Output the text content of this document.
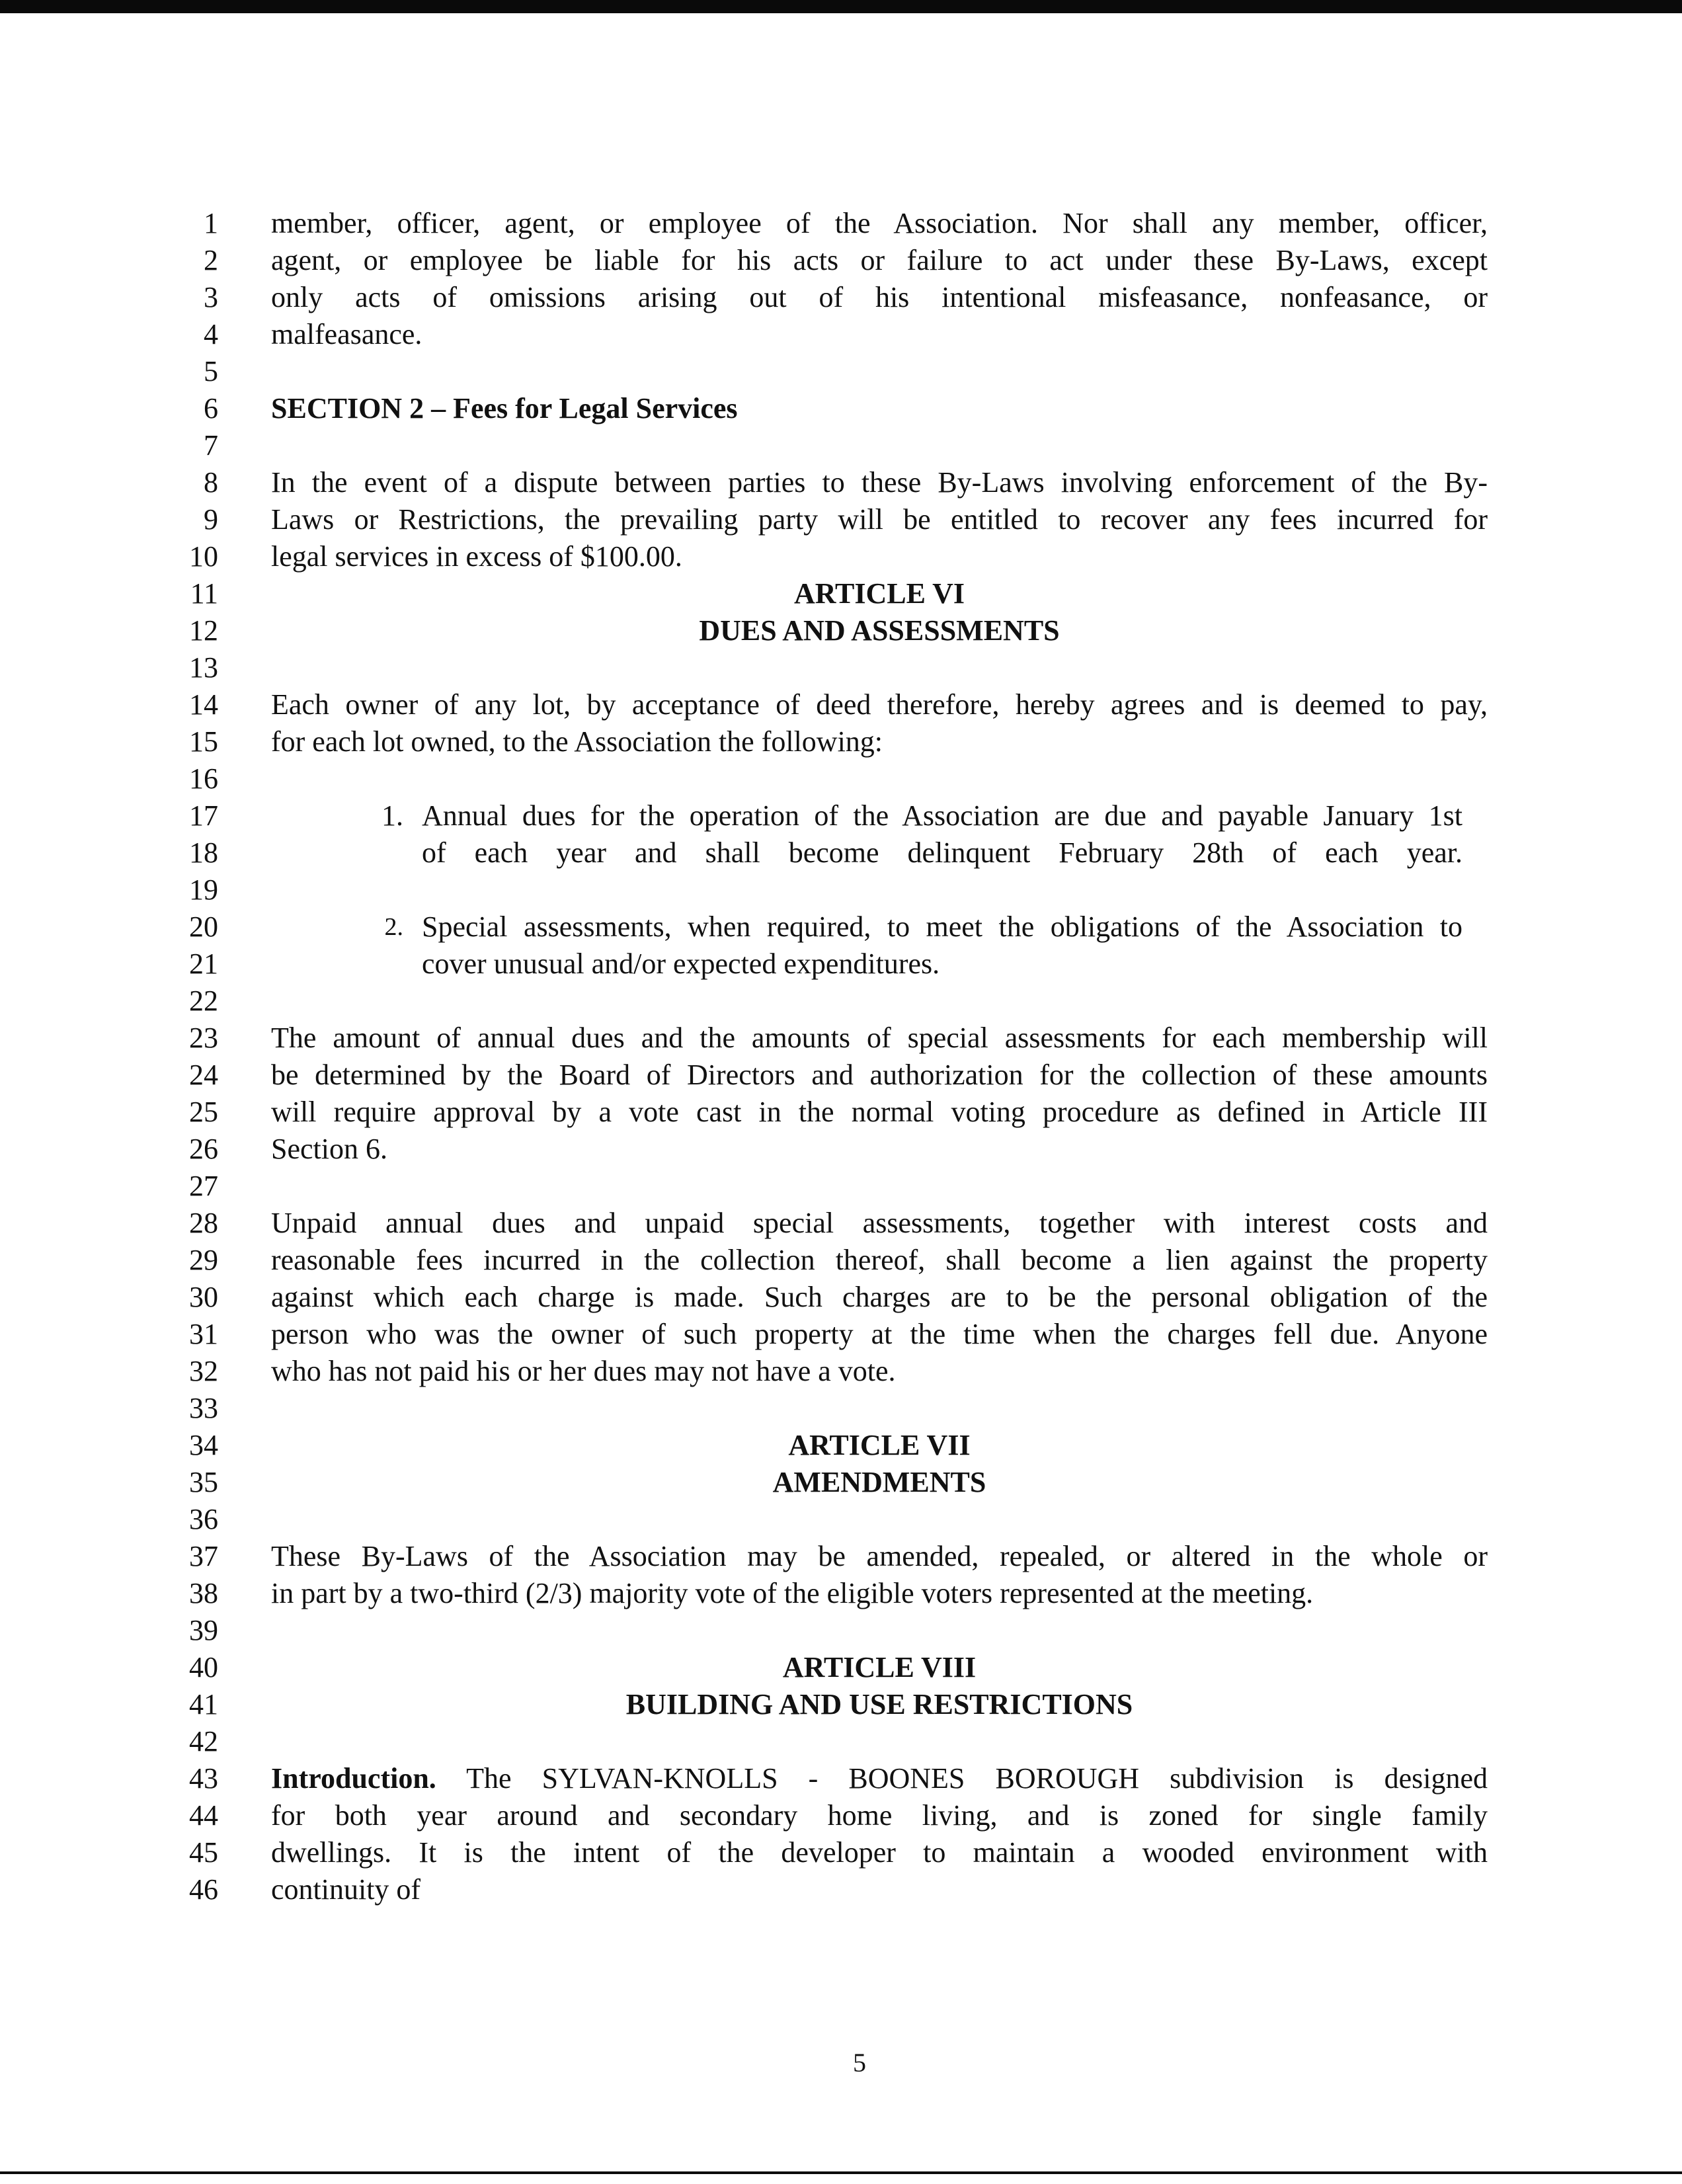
1
2
3
4
5
6
7
8
9
10
11
12
13
14
15
16
17
18
19
20
21
22
23
24
25
26
27
28
29
30
31
32
33
34
35
36
37
38
39
40
41
42
43
44
45
46
member, officer, agent, or employee of the Association. Nor shall any member, officer,
agent, or employee be liable for his acts or failure to act under these By-Laws, except
only acts of omissions arising out of his intentional misfeasance, nonfeasance, or
malfeasance.
SECTION 2 – Fees for Legal Services
In the event of a dispute between parties to these By-Laws involving enforcement of the By-
Laws or Restrictions, the prevailing party will be entitled to recover any fees incurred for
legal services in excess of $100.00.
ARTICLE VI
DUES AND ASSESSMENTS
Each owner of any lot, by acceptance of deed therefore, hereby agrees and is deemed to pay,
for each lot owned, to the Association the following:
1. Annual dues for the operation of the Association are due and payable January 1st
of each year and shall become delinquent February 28th of each year.
2. Special assessments, when required, to meet the obligations of the Association to
cover unusual and/or expected expenditures.
The amount of annual dues and the amounts of special assessments for each membership will
be determined by the Board of Directors and authorization for the collection of these amounts
will require approval by a vote cast in the normal voting procedure as defined in Article III
Section 6.
Unpaid annual dues and unpaid special assessments, together with interest costs and
reasonable fees incurred in the collection thereof, shall become a lien against the property
against which each charge is made. Such charges are to be the personal obligation of the
person who was the owner of such property at the time when the charges fell due. Anyone
who has not paid his or her dues may not have a vote.
ARTICLE VII
AMENDMENTS
These By-Laws of the Association may be amended, repealed, or altered in the whole or
in part by a two-third (2/3) majority vote of the eligible voters represented at the meeting.
ARTICLE VIII
BUILDING AND USE RESTRICTIONS
Introduction. The SYLVAN-KNOLLS - BOONES BOROUGH subdivision is designed
for both year around and secondary home living, and is zoned for single family
dwellings. It is the intent of the developer to maintain a wooded environment with
continuity of
5
